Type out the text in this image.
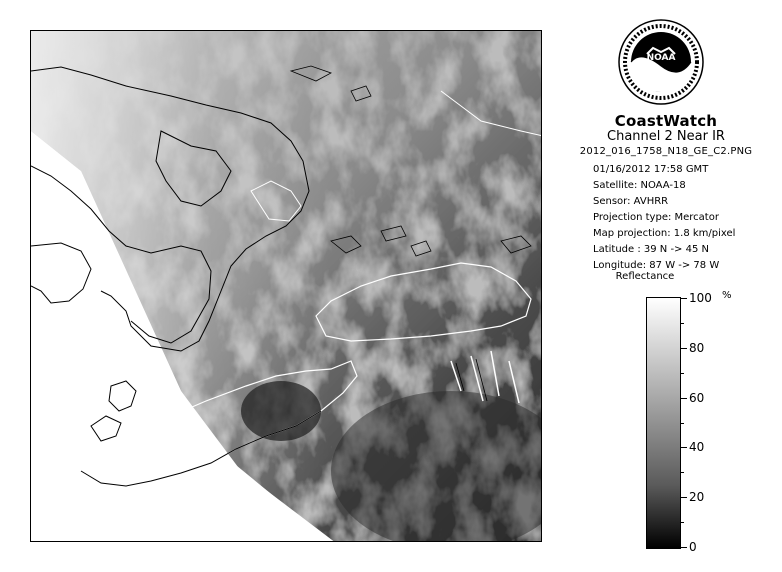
NOAA
CoastWatch
Channel 2 Near IR
2012_016_1758_N18_GE_C2.PNG
01/16/2012 17:58 GMT
Satellite: NOAA-18
Sensor: AVHRR
Projection type: Mercator
Map projection: 1.8 km/pixel
Latitude : 39 N -> 45 N
Longitude: 87 W -> 78 W
Reflectance
%
100
80
60
40
20
0
